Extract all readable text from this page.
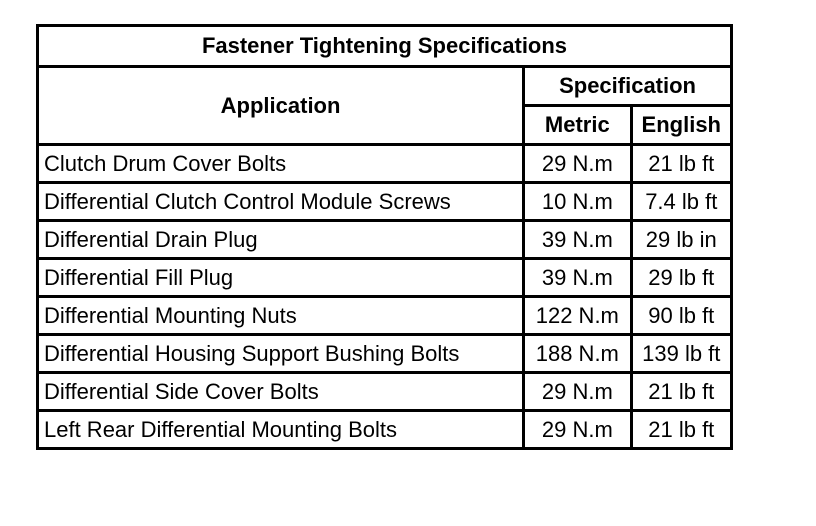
Fastener Tightening Specifications		
Application	Specification	
	Metric	English
Clutch Drum Cover Bolts	29 N.m	21 lb ft
Differential Clutch Control Module Screws	10 N.m	7.4 lb ft
Differential Drain Plug	39 N.m	29 lb in
Differential Fill Plug	39 N.m	29 lb ft
Differential Mounting Nuts	122 N.m	90 lb ft
Differential Housing Support Bushing Bolts	188 N.m	139 lb ft
Differential Side Cover Bolts	29 N.m	21 lb ft
Left Rear Differential Mounting Bolts	29 N.m	21 lb ft
